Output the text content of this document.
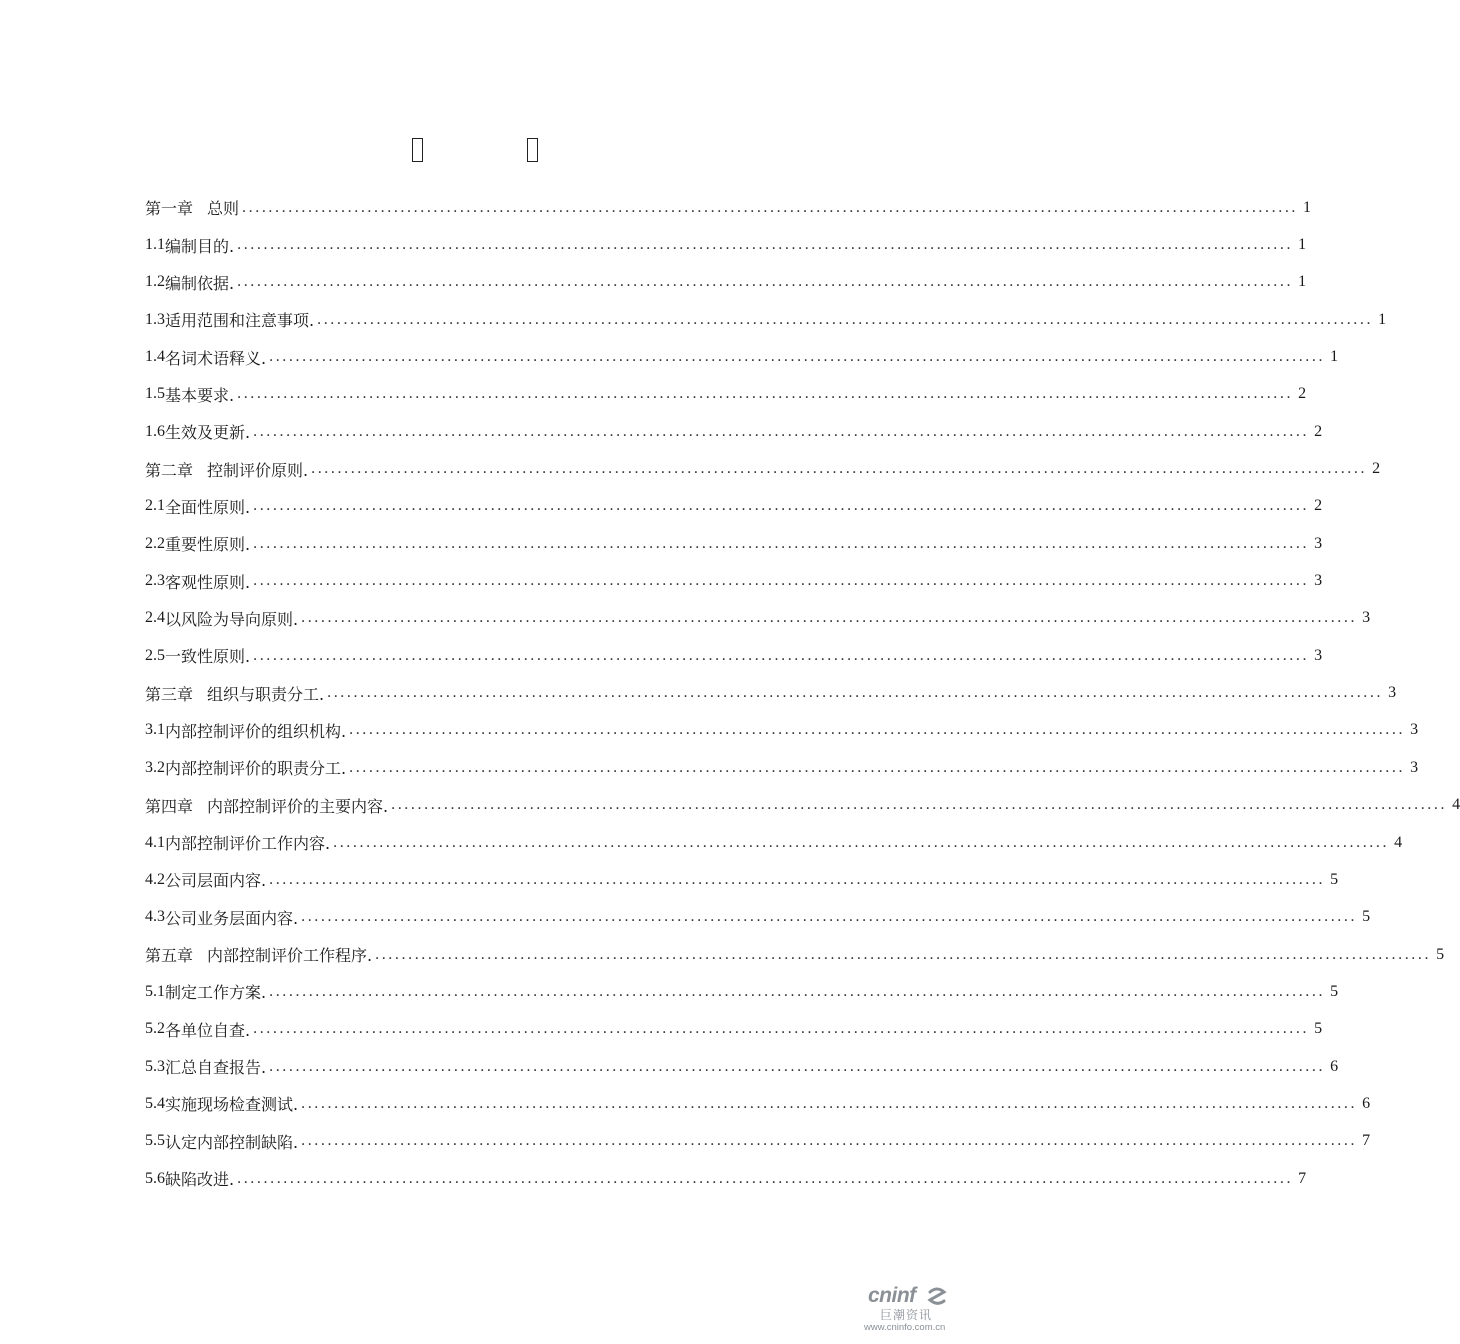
第一章 总则 ................................................................................................................................................................ 1
1.1 编制目的. ................................................................................................................................................................ 1
1.2 编制依据. ................................................................................................................................................................ 1
1.3 适用范围和注意事项. ................................................................................................................................................................ 1
1.4 名词术语释义. ................................................................................................................................................................ 1
1.5 基本要求. ................................................................................................................................................................ 2
1.6 生效及更新. ................................................................................................................................................................ 2
第二章 控制评价原则. ................................................................................................................................................................ 2
2.1 全面性原则. ................................................................................................................................................................ 2
2.2 重要性原则. ................................................................................................................................................................ 3
2.3 客观性原则. ................................................................................................................................................................ 3
2.4 以风险为导向原则. ................................................................................................................................................................ 3
2.5 一致性原则. ................................................................................................................................................................ 3
第三章 组织与职责分工. ................................................................................................................................................................ 3
3.1 内部控制评价的组织机构. ................................................................................................................................................................ 3
3.2 内部控制评价的职责分工. ................................................................................................................................................................ 3
第四章 内部控制评价的主要内容. ................................................................................................................................................................ 4
4.1 内部控制评价工作内容. ................................................................................................................................................................ 4
4.2 公司层面内容. ................................................................................................................................................................ 5
4.3 公司业务层面内容. ................................................................................................................................................................ 5
第五章 内部控制评价工作程序. ................................................................................................................................................................ 5
5.1 制定工作方案. ................................................................................................................................................................ 5
5.2 各单位自查. ................................................................................................................................................................ 5
5.3 汇总自查报告. ................................................................................................................................................................ 6
5.4 实施现场检查测试. ................................................................................................................................................................ 6
5.5 认定内部控制缺陷. ................................................................................................................................................................ 7
5.6 缺陷改进. ................................................................................................................................................................ 7
cninf
巨潮资讯
www.cninfo.com.cn
